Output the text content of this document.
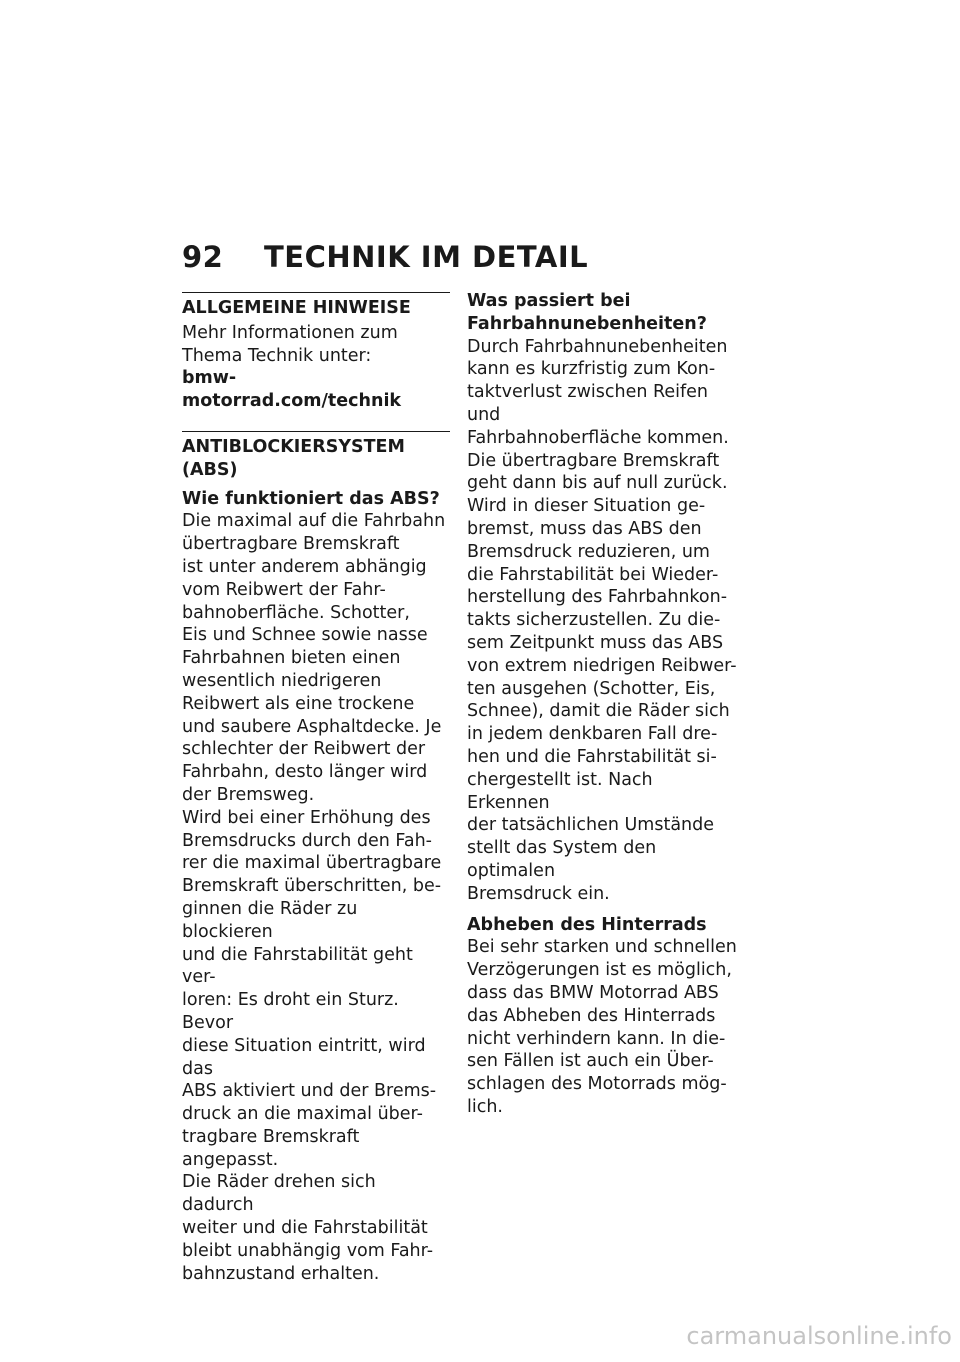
92 TECHNIK IM DETAIL
ALLGEMEINE HINWEISE

Mehr Informationen zum
Thema Technik unter:

bmw-motorrad.com/technik

ANTIBLOCKIERSYSTEM
(ABS)
Wie funktioniert das ABS?

Die maximal auf die Fahrbahn
übertragbare Bremskraft
ist unter anderem abhängig
vom Reibwert der Fahr-
bahnoberfläche. Schotter,
Eis und Schnee sowie nasse
Fahrbahnen bieten einen
wesentlich niedrigeren
Reibwert als eine trockene
und saubere Asphaltdecke. Je
schlechter der Reibwert der
Fahrbahn, desto länger wird
der Bremsweg.

Wird bei einer Erhöhung des
Bremsdrucks durch den Fah-
rer die maximal übertragbare
Bremskraft überschritten, be-
ginnen die Räder zu blockieren
und die Fahrstabilität geht ver-
loren: Es droht ein Sturz. Bevor
diese Situation eintritt, wird das
ABS aktiviert und der Brems-
druck an die maximal über-
tragbare Bremskraft angepasst.
Die Räder drehen sich dadurch
weiter und die Fahrstabilität
bleibt unabhängig vom Fahr-
bahnzustand erhalten.

Was passiert bei
Fahrbahnunebenheiten?

Durch Fahrbahnunebenheiten
kann es kurzfristig zum Kon-
taktverlust zwischen Reifen und
Fahrbahnoberfläche kommen.
Die übertragbare Bremskraft
geht dann bis auf null zurück.
Wird in dieser Situation ge-
bremst, muss das ABS den
Bremsdruck reduzieren, um
die Fahrstabilität bei Wieder-
herstellung des Fahrbahnkon-
takts sicherzustellen. Zu die-
sem Zeitpunkt muss das ABS
von extrem niedrigen Reibwer-
ten ausgehen (Schotter, Eis,
Schnee), damit die Räder sich
in jedem denkbaren Fall dre-
hen und die Fahrstabilität si-
chergestellt ist. Nach Erkennen
der tatsächlichen Umstände
stellt das System den optimalen
Bremsdruck ein.

Abheben des Hinterrads

Bei sehr starken und schnellen
Verzögerungen ist es möglich,
dass das BMW Motorrad ABS
das Abheben des Hinterrads
nicht verhindern kann. In die-
sen Fällen ist auch ein Über-
schlagen des Motorrads mög-
lich.

carmanualsonline.info
